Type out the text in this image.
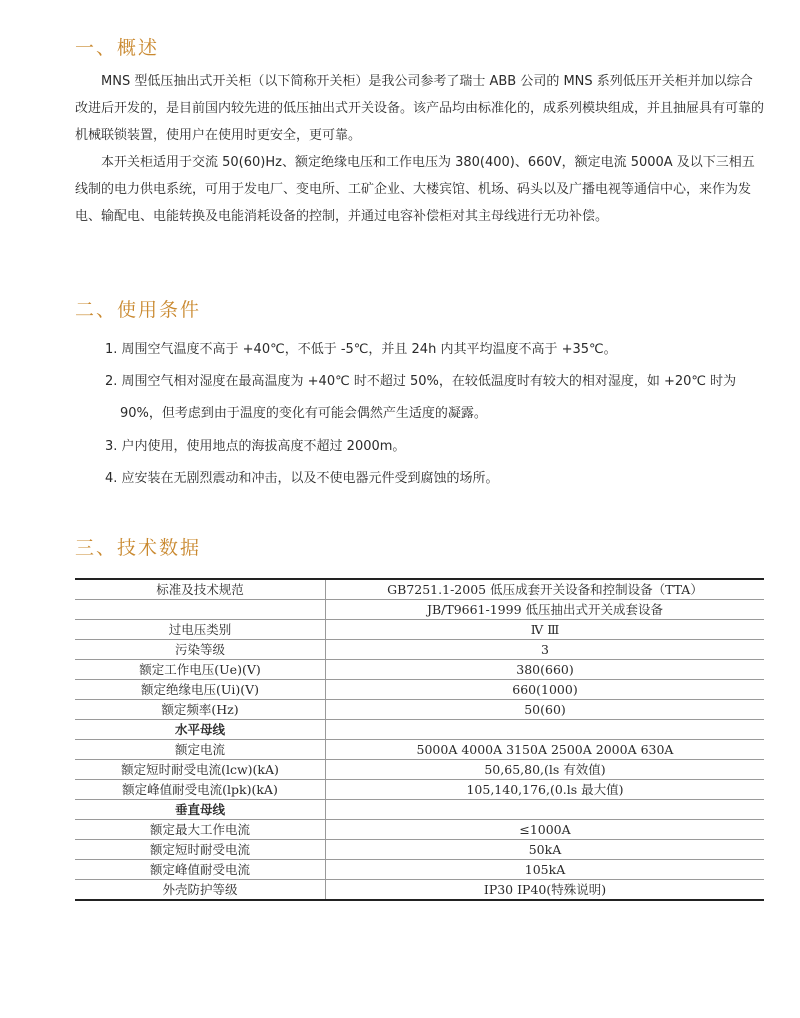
一、概述

MNS 型低压抽出式开关柜（以下简称开关柜）是我公司参考了瑞士 ABB 公司的 MNS 系列低压开关柜并加以综合改进后开发的，是目前国内较先进的低压抽出式开关设备。该产品均由标准化的，成系列模块组成，并且抽屉具有可靠的机械联锁装置，使用户在使用时更安全，更可靠。

本开关柜适用于交流 50(60)Hz、额定绝缘电压和工作电压为 380(400)、660V，额定电流 5000A 及以下三相五线制的电力供电系统，可用于发电厂、变电所、工矿企业、大楼宾馆、机场、码头以及广播电视等通信中心，来作为发电、输配电、电能转换及电能消耗设备的控制，并通过电容补偿柜对其主母线进行无功补偿。

二、使用条件

1. 周围空气温度不高于 +40℃，不低于 -5℃，并且 24h 内其平均温度不高于 +35℃。

2. 周围空气相对湿度在最高温度为 +40℃ 时不超过 50%，在较低温度时有较大的相对湿度，如 +20℃ 时为

90%，但考虑到由于温度的变化有可能会偶然产生适度的凝露。

3. 户内使用，使用地点的海拔高度不超过 2000m。

4. 应安装在无剧烈震动和冲击，以及不使电器元件受到腐蚀的场所。

三、技术数据
标准及技术规范	GB7251.1-2005 低压成套开关设备和控制设备（TTA）
	JB/T9661-1999 低压抽出式开关成套设备
过电压类别	Ⅳ Ⅲ
污染等级	3
额定工作电压(Ue)(V)	380(660)
额定绝缘电压(Ui)(V)	660(1000)
额定频率(Hz)	50(60)
水平母线	
额定电流	5000A 4000A 3150A 2500A 2000A 630A
额定短时耐受电流(lcw)(kA)	50,65,80,(ls 有效值)
额定峰值耐受电流(lpk)(kA)	105,140,176,(0.ls 最大值)
垂直母线	
额定最大工作电流	≤1000A
额定短时耐受电流	50kA
额定峰值耐受电流	105kA
外壳防护等级	IP30 IP40(特殊说明)
